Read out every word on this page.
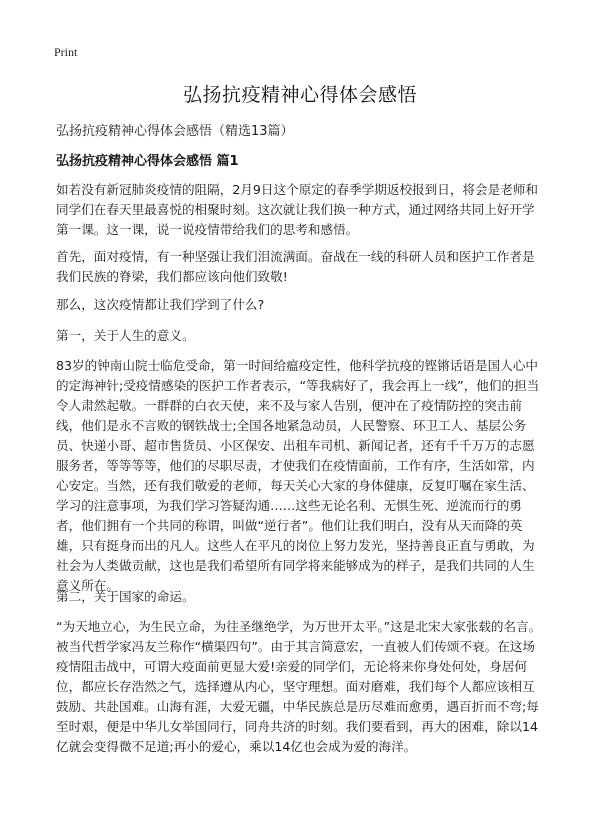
Print
弘扬抗疫精神心得体会感悟
弘扬抗疫精神心得体会感悟（精选13篇）
弘扬抗疫精神心得体会感悟 篇1
如若没有新冠肺炎疫情的阻隔，2月9日这个原定的春季学期返校报到日，将会是老师和同学们在春天里最喜悦的相聚时刻。这次就让我们换一种方式，通过网络共同上好开学第一课。这一课，说一说疫情带给我们的思考和感悟。
首先，面对疫情，有一种坚强让我们泪流满面。奋战在一线的科研人员和医护工作者是我们民族的脊梁，我们都应该向他们致敬!
那么，这次疫情都让我们学到了什么?
第一，关于人生的意义。
83岁的钟南山院士临危受命，第一时间给瘟疫定性，他科学抗疫的铿锵话语是国人心中的定海神针;受疫情感染的医护工作者表示，“等我病好了，我会再上一线”，他们的担当令人肃然起敬。一群群的白衣天使，来不及与家人告别，便冲在了疫情防控的突击前线，他们是永不言败的钢铁战士;全国各地紧急动员，人民警察、环卫工人、基层公务员、快递小哥、超市售货员、小区保安、出租车司机、新闻记者，还有千千万万的志愿服务者，等等等等，他们的尽职尽责，才使我们在疫情面前，工作有序，生活如常，内心安定。当然，还有我们敬爱的老师，每天关心大家的身体健康，反复叮嘱在家生活、学习的注意事项，为我们学习答疑沟通……这些无论名利、无惧生死、逆流而行的勇者，他们拥有一个共同的称谓，叫做“逆行者”。他们让我们明白，没有从天而降的英雄，只有挺身而出的凡人。这些人在平凡的岗位上努力发光，坚持善良正直与勇敢，为社会为人类做贡献，这也是我们希望所有同学将来能够成为的样子，是我们共同的人生意义所在。
第二，关于国家的命运。
“为天地立心，为生民立命，为往圣继绝学，为万世开太平。”这是北宋大家张载的名言。被当代哲学家冯友兰称作“横渠四句”。由于其言简意宏，一直被人们传颂不衰。在这场疫情阻击战中，可谓大疫面前更显大爱!亲爱的同学们，无论将来你身处何处，身居何位，都应长存浩然之气，选择遵从内心，坚守理想。面对磨难，我们每个人都应该相互鼓励、共赴国难。山海有涯，大爱无疆，中华民族总是历尽难而愈勇，遇百折而不弯;每至时艰，便是中华儿女举国同行，同舟共济的时刻。我们要看到，再大的困难，除以14亿就会变得微不足道;再小的爱心，乘以14亿也会成为爱的海洋。
